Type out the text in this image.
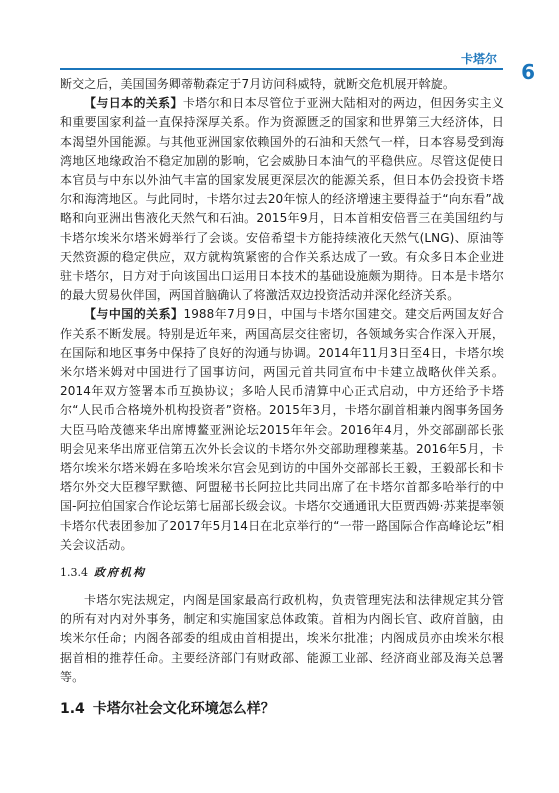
卡塔尔
6

断交之后，美国国务卿蒂勒森定于7月访问科威特，就断交危机展开斡旋。

【与日本的关系】卡塔尔和日本尽管位于亚洲大陆相对的两边，但因务实主义和重要国家利益一直保持深厚关系。作为资源匮乏的国家和世界第三大经济体，日本渴望外国能源。与其他亚洲国家依赖国外的石油和天然气一样，日本容易受到海湾地区地缘政治不稳定加剧的影响，它会威胁日本油气的平稳供应。尽管这促使日本官员与中东以外油气丰富的国家发展更深层次的能源关系，但日本仍会投资卡塔尔和海湾地区。与此同时，卡塔尔过去20年惊人的经济增速主要得益于“向东看”战略和向亚洲出售液化天然气和石油。2015年9月，日本首相安倍晋三在美国纽约与卡塔尔埃米尔塔米姆举行了会谈。安倍希望卡方能持续液化天然气(LNG)、原油等天然资源的稳定供应，双方就构筑紧密的合作关系达成了一致。有众多日本企业进驻卡塔尔，日方对于向该国出口运用日本技术的基础设施颇为期待。日本是卡塔尔的最大贸易伙伴国，两国首脑确认了将激活双边投资活动并深化经济关系。

【与中国的关系】1988年7月9日，中国与卡塔尔国建交。建交后两国友好合作关系不断发展。特别是近年来，两国高层交往密切，各领域务实合作深入开展，在国际和地区事务中保持了良好的沟通与协调。2014年11月3日至4日，卡塔尔埃米尔塔米姆对中国进行了国事访问，两国元首共同宣布中卡建立战略伙伴关系。2014年双方签署本币互换协议；多哈人民币清算中心正式启动，中方还给予卡塔尔“人民币合格境外机构投资者”资格。2015年3月，卡塔尔副首相兼内阁事务国务大臣马哈茂德来华出席博鳌亚洲论坛2015年年会。2016年4月，外交部副部长张明会见来华出席亚信第五次外长会议的卡塔尔外交部助理穆莱基。2016年5月，卡塔尔埃米尔塔米姆在多哈埃米尔宫会见到访的中国外交部部长王毅，王毅部长和卡塔尔外交大臣穆罕默德、阿盟秘书长阿拉比共同出席了在卡塔尔首都多哈举行的中国-阿拉伯国家合作论坛第七届部长级会议。卡塔尔交通通讯大臣贾西姆·苏莱提率领卡塔尔代表团参加了2017年5月14日在北京举行的“一带一路国际合作高峰论坛”相关会议活动。

1.3.4 政府机构

卡塔尔宪法规定，内阁是国家最高行政机构，负责管理宪法和法律规定其分管的所有对内对外事务，制定和实施国家总体政策。首相为内阁长官、政府首脑，由埃米尔任命；内阁各部委的组成由首相提出，埃米尔批准；内阁成员亦由埃米尔根据首相的推荐任命。主要经济部门有财政部、能源工业部、经济商业部及海关总署等。

1.4 卡塔尔社会文化环境怎么样？
